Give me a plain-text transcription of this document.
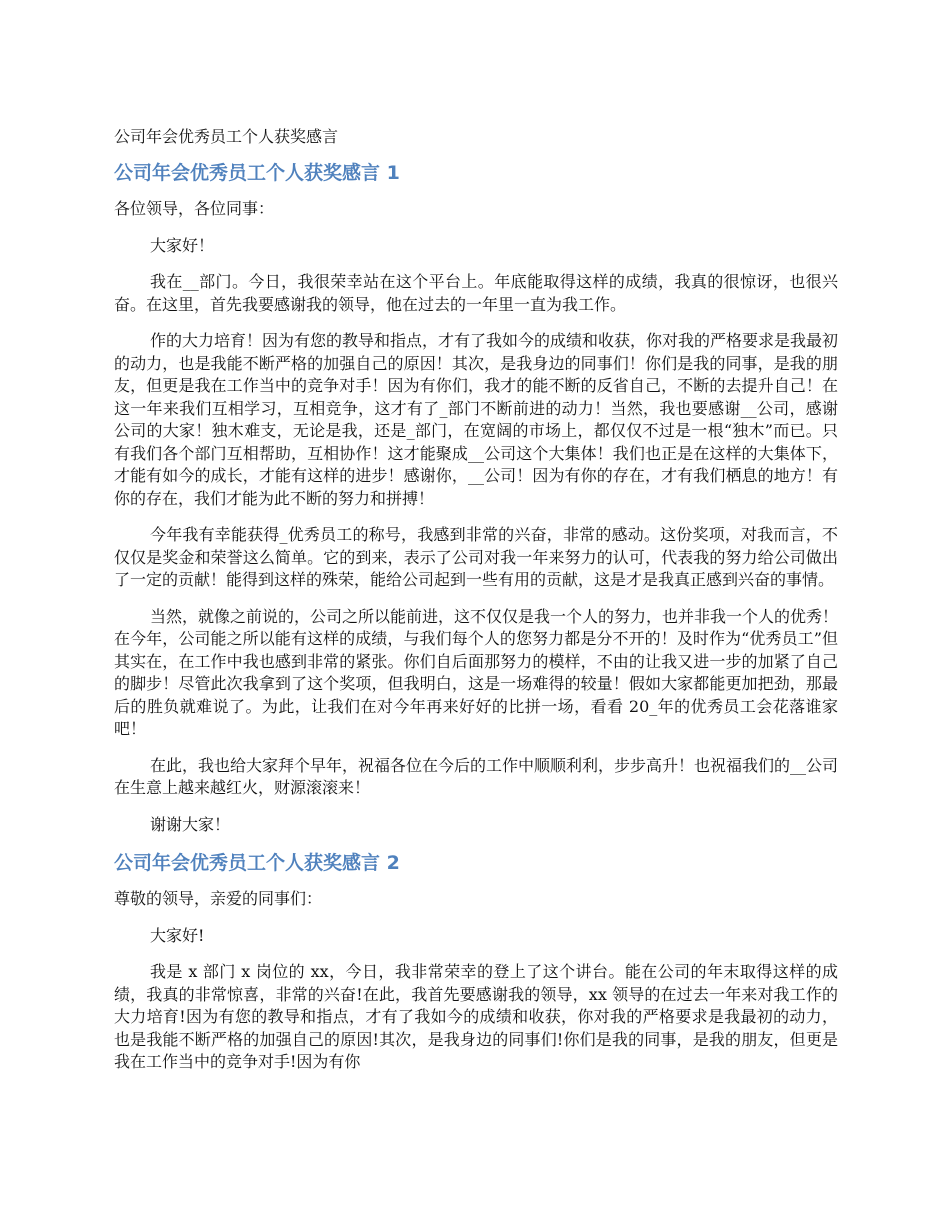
公司年会优秀员工个人获奖感言
公司年会优秀员工个人获奖感言 1
各位领导，各位同事：

大家好！

我在__部门。今日，我很荣幸站在这个平台上。年底能取得这样的成绩，我真的很惊讶，也很兴奋。在这里，首先我要感谢我的领导，他在过去的一年里一直为我工作。

作的大力培育！因为有您的教导和指点，才有了我如今的成绩和收获，你对我的严格要求是我最初的动力，也是我能不断严格的加强自己的原因！其次，是我身边的同事们！你们是我的同事，是我的朋友，但更是我在工作当中的竞争对手！因为有你们，我才的能不断的反省自己，不断的去提升自己！在这一年来我们互相学习，互相竞争，这才有了_部门不断前进的动力！当然，我也要感谢__公司，感谢公司的大家！独木难支，无论是我，还是_部门，在宽阔的市场上，都仅仅不过是一根“独木”而已。只有我们各个部门互相帮助，互相协作！这才能聚成__公司这个大集体！我们也正是在这样的大集体下，才能有如今的成长，才能有这样的进步！感谢你，__公司！因为有你的存在，才有我们栖息的地方！有你的存在，我们才能为此不断的努力和拼搏！

今年我有幸能获得_优秀员工的称号，我感到非常的兴奋，非常的感动。这份奖项，对我而言，不仅仅是奖金和荣誉这么简单。它的到来，表示了公司对我一年来努力的认可，代表我的努力给公司做出了一定的贡献！能得到这样的殊荣，能给公司起到一些有用的贡献，这是才是我真正感到兴奋的事情。

当然，就像之前说的，公司之所以能前进，这不仅仅是我一个人的努力，也并非我一个人的优秀！在今年，公司能之所以能有这样的成绩，与我们每个人的您努力都是分不开的！及时作为“优秀员工”但其实在，在工作中我也感到非常的紧张。你们自后面那努力的模样，不由的让我又进一步的加紧了自己的脚步！尽管此次我拿到了这个奖项，但我明白，这是一场难得的较量！假如大家都能更加把劲，那最后的胜负就难说了。为此，让我们在对今年再来好好的比拼一场，看看 20_年的优秀员工会花落谁家吧！

在此，我也给大家拜个早年，祝福各位在今后的工作中顺顺利利，步步高升！也祝福我们的__公司在生意上越来越红火，财源滚滚来！

谢谢大家！

公司年会优秀员工个人获奖感言 2
尊敬的领导，亲爱的同事们：

大家好!

我是 x 部门 x 岗位的 xx，今日，我非常荣幸的登上了这个讲台。能在公司的年末取得这样的成绩，我真的非常惊喜，非常的兴奋!在此，我首先要感谢我的领导，xx 领导的在过去一年来对我工作的大力培育!因为有您的教导和指点，才有了我如今的成绩和收获，你对我的严格要求是我最初的动力，也是我能不断严格的加强自己的原因!其次，是我身边的同事们!你们是我的同事，是我的朋友，但更是我在工作当中的竞争对手!因为有你
